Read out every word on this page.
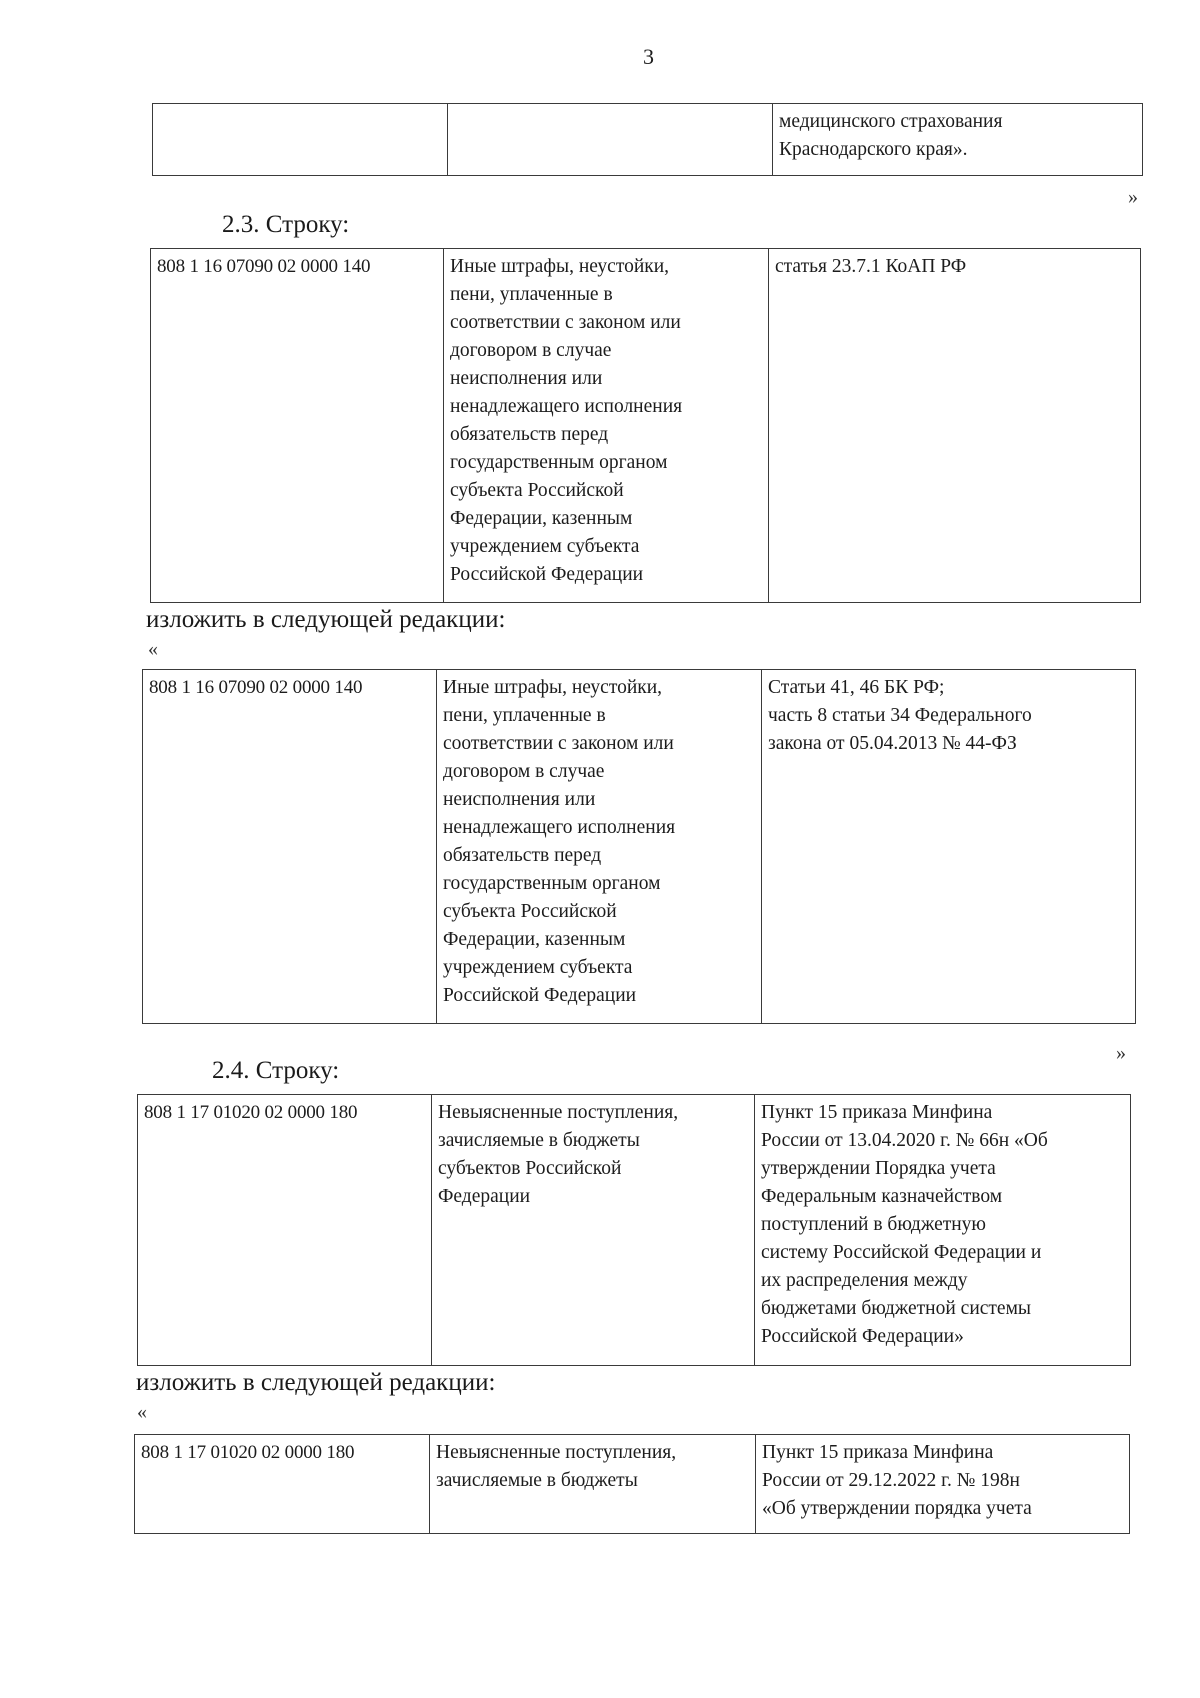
3
		медицинского страхования
Краснодарского края».
»
2.3. Строку:
808 1 16 07090 02 0000 140	Иные штрафы, неустойки,
пени, уплаченные в
соответствии с законом или
договором в случае
неисполнения или
ненадлежащего исполнения
обязательств перед
государственным органом
субъекта Российской
Федерации, казенным
учреждением субъекта
Российской Федерации	статья 23.7.1 КоАП РФ
изложить в следующей редакции:
«
808 1 16 07090 02 0000 140	Иные штрафы, неустойки,
пени, уплаченные в
соответствии с законом или
договором в случае
неисполнения или
ненадлежащего исполнения
обязательств перед
государственным органом
субъекта Российской
Федерации, казенным
учреждением субъекта
Российской Федерации	Статьи 41, 46 БК РФ;
часть 8 статьи 34 Федерального
закона от 05.04.2013 № 44-ФЗ
»
2.4. Строку:
808 1 17 01020 02 0000 180	Невыясненные поступления,
зачисляемые в бюджеты
субъектов Российской
Федерации	Пункт 15 приказа Минфина
России от 13.04.2020 г. № 66н «Об
утверждении Порядка учета
Федеральным казначейством
поступлений в бюджетную
систему Российской Федерации и
их распределения между
бюджетами бюджетной системы
Российской Федерации»
изложить в следующей редакции:
«
808 1 17 01020 02 0000 180	Невыясненные поступления,
зачисляемые в бюджеты	Пункт 15 приказа Минфина
России от 29.12.2022 г. № 198н
«Об утверждении порядка учета
